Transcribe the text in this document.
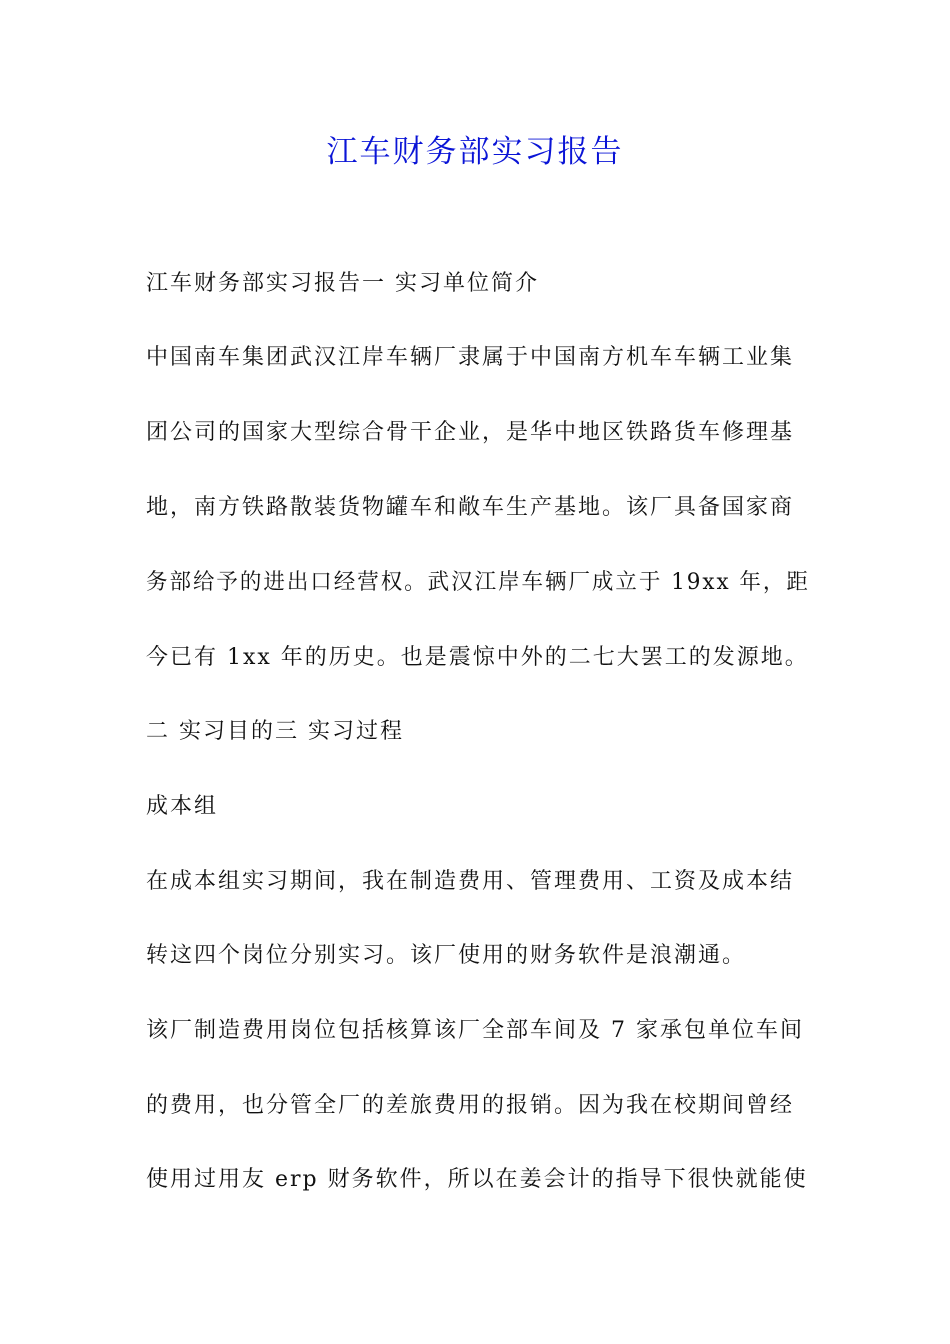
江车财务部实习报告
江车财务部实习报告一 实习单位简介
中国南车集团武汉江岸车辆厂隶属于中国南方机车车辆工业集
团公司的国家大型综合骨干企业，是华中地区铁路货车修理基
地，南方铁路散装货物罐车和敞车生产基地。该厂具备国家商
务部给予的进出口经营权。武汉江岸车辆厂成立于 19xx 年，距
今已有 1xx 年的历史。也是震惊中外的二七大罢工的发源地。
二 实习目的三 实习过程
成本组
在成本组实习期间，我在制造费用、管理费用、工资及成本结
转这四个岗位分别实习。该厂使用的财务软件是浪潮通。
该厂制造费用岗位包括核算该厂全部车间及 7 家承包单位车间
的费用，也分管全厂的差旅费用的报销。因为我在校期间曾经
使用过用友 erp 财务软件，所以在姜会计的指导下很快就能使
